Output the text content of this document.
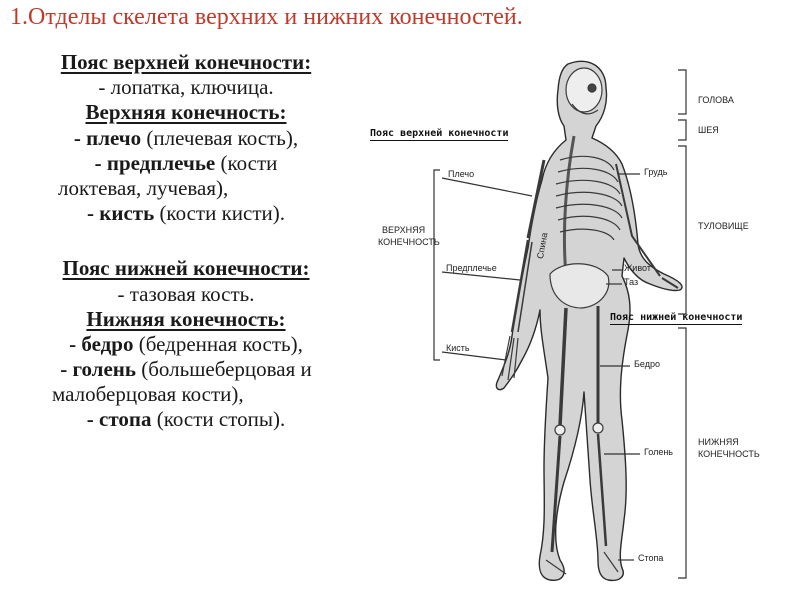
1.Отделы скелета верхних и нижних конечностей.
Пояс верхней конечности:
- лопатка, ключица.
Верхняя конечность:
- плечо (плечевая кость),
- предплечье (кости
локтевая, лучевая),
- кисть (кости кисти).
Пояс нижней конечности:
- тазовая кость.
Нижняя конечность:
- бедро (бедренная кость),
- голень (большеберцовая и
малоберцовая кости),
- стопа (кости стопы).
ГОЛОВА
ШЕЯ
ТУЛОВИЩЕ
НИЖНЯЯ
КОНЕЧНОСТЬ
ВЕРХНЯЯ
КОНЕЧНОСТЬ
Плечо
Предплечье
Кисть
Грудь
Живот
Таз
Бедро
Голень
Стопа
Спина
Пояс верхней конечности
Пояс нижней конечности
